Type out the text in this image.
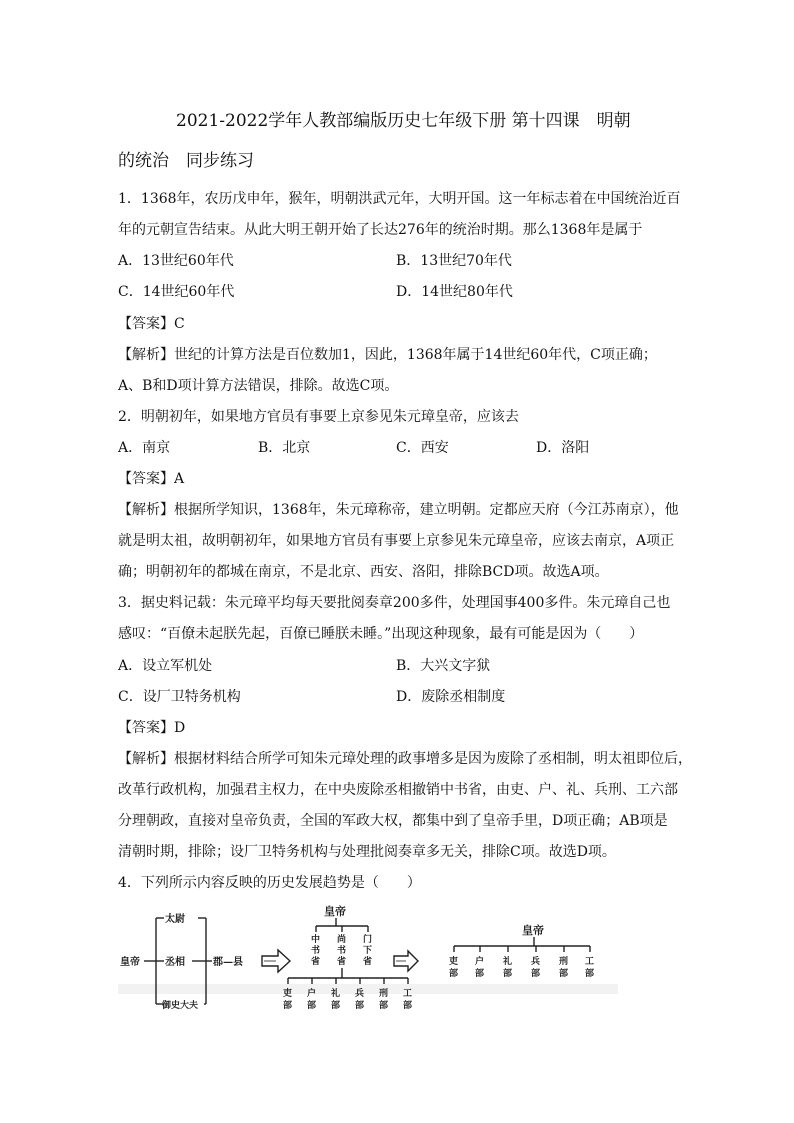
2021-2022学年人教部编版历史七年级下册 第十四课　明朝
的统治　同步练习
1．1368年，农历戊申年，猴年，明朝洪武元年，大明开国。这一年标志着在中国统治近百
年的元朝宣告结束。从此大明王朝开始了长达276年的统治时期。那么1368年是属于
A．13世纪60年代	B．13世纪70年代
C．14世纪60年代	D．14世纪80年代
【答案】C
【解析】世纪的计算方法是百位数加1，因此，1368年属于14世纪60年代，C项正确；
A、B和D项计算方法错误，排除。故选C项。
2．明朝初年，如果地方官员有事要上京参见朱元璋皇帝，应该去
A．南京	B．北京	C．西安	D．洛阳
【答案】A
【解析】根据所学知识，1368年，朱元璋称帝，建立明朝。定都应天府（今江苏南京），他
就是明太祖，故明朝初年，如果地方官员有事要上京参见朱元璋皇帝，应该去南京，A项正
确；明朝初年的都城在南京，不是北京、西安、洛阳，排除BCD项。故选A项。
3．据史料记载：朱元璋平均每天要批阅奏章200多件，处理国事400多件。朱元璋自己也
感叹：“百僚未起朕先起，百僚已睡朕未睡。”出现这种现象，最有可能是因为（　　）
A．设立军机处	B．大兴文字狱
C．设厂卫特务机构	D．废除丞相制度
【答案】D
【解析】根据材料结合所学可知朱元璋处理的政事增多是因为废除了丞相制，明太祖即位后，
改革行政机构，加强君主权力，在中央废除丞相撤销中书省，由吏、户、礼、兵刑、工六部
分理朝政，直接对皇帝负责，全国的军政大权，都集中到了皇帝手里，D项正确；AB项是
清朝时期，排除；设厂卫特务机构与处理批阅奏章多无关，排除C项。故选D项。
4．下列所示内容反映的历史发展趋势是（　　）
皇帝
太尉
丞相
御史大夫
郡—县
皇帝
中 书 省
尚 书 省
门 下 省
吏部
户部
礼部
兵部
刑部
工部
皇帝
吏部
户部
礼部
兵部
刑部
工部
